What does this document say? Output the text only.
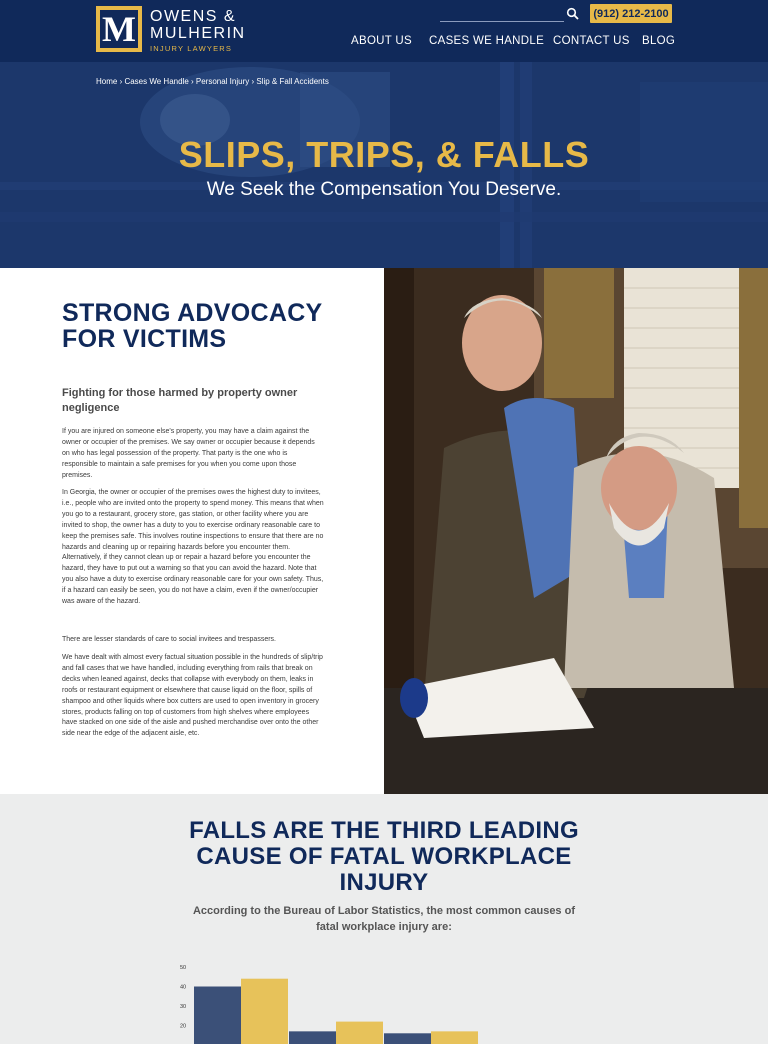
M OWENS &
MULHERIN
INJURY LAWYERS
(912) 212-2100
ABOUT US CASES WE HANDLE CONTACT US BLOG
Home › Cases We Handle › Personal Injury › Slip & Fall Accidents
SLIPS, TRIPS, & FALLS
We Seek the Compensation You Deserve.
STRONG ADVOCACY FOR VICTIMS
Fighting for those harmed by property owner negligence
If you are injured on someone else's property, you may have a claim against the owner or occupier of the premises. We say owner or occupier because it depends on who has legal possession of the property. That party is the one who is responsible to maintain a safe premises for you when you come upon those premises.
In Georgia, the owner or occupier of the premises owes the highest duty to invitees, i.e., people who are invited onto the property to spend money. This means that when you go to a restaurant, grocery store, gas station, or other facility where you are invited to shop, the owner has a duty to you to exercise ordinary reasonable care to keep the premises safe. This involves routine inspections to ensure that there are no hazards and cleaning up or repairing hazards before you encounter them. Alternatively, if they cannot clean up or repair a hazard before you encounter the hazard, they have to put out a warning so that you can avoid the hazard. Note that you also have a duty to exercise ordinary reasonable care for your own safety. Thus, if a hazard can easily be seen, you do not have a claim, even if the owner/occupier was aware of the hazard.
There are lesser standards of care to social invitees and trespassers.
We have dealt with almost every factual situation possible in the hundreds of slip/trip and fall cases that we have handled, including everything from rails that break on decks when leaned against, decks that collapse with everybody on them, leaks in roofs or restaurant equipment or elsewhere that cause liquid on the floor, spills of shampoo and other liquids where box cutters are used to open inventory in grocery stores, products falling on top of customers from high shelves where employees have stacked on one side of the aisle and pushed merchandise over onto the other side near the edge of the adjacent aisle, etc.
FALLS ARE THE THIRD LEADING CAUSE OF FATAL WORKPLACE INJURY
According to the Bureau of Labor Statistics, the most common causes of fatal workplace injury are:
50
40
30
20
